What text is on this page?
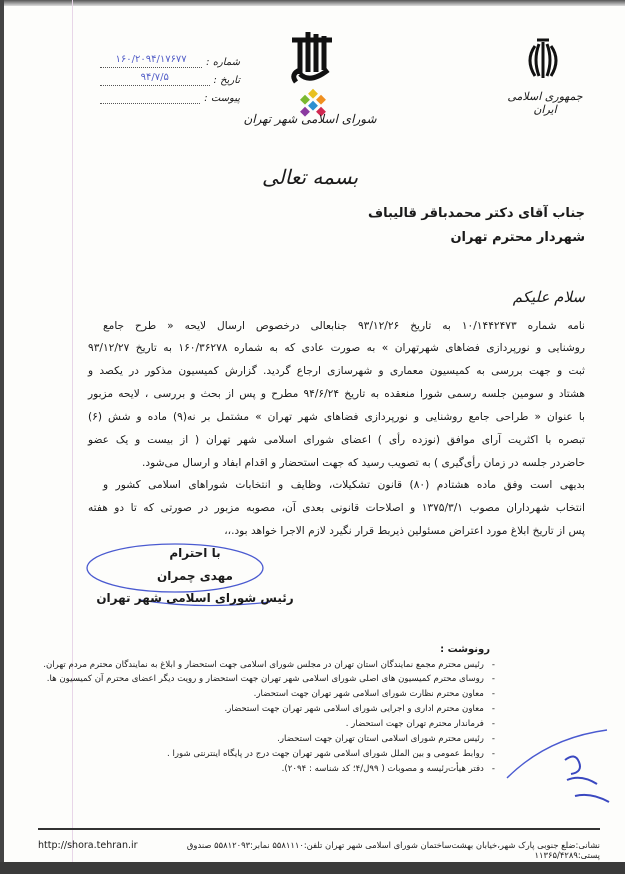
شماره :
۱۶۰/۲۰۹۴/۱۷۶۷۷
تاریخ :
۹۴/۷/۵
پیوست :
شورای اسلامی شهر تهران
جمهوری اسلامی ایران
بسمه تعالی
جناب آقای دکتر محمدباقر قالیباف
شهردار محترم تهران
سلام علیکم
نامه شماره ۱۰/۱۴۴۲۴۷۳ به تاریخ ۹۳/۱۲/۲۶ جنابعالی درخصوص ارسال لایحه « طرح جامع
روشنایی و نورپردازی فضاهای شهرتهران » به صورت عادی که به شماره ۱۶۰/۳۶۲۷۸ به تاریخ ۹۳/۱۲/۲۷
ثبت و جهت بررسی به کمیسیون معماری و شهرسازی ارجاع گردید. گزارش کمیسیون مذکور در یکصد و
هشتاد و سومین جلسه رسمی شورا منعقده به تاریخ ۹۴/۶/۲۴ مطرح و پس از بحث و بررسی ، لایحه مزبور
با عنوان « طراحی جامع روشنایی و نورپردازی فضاهای شهر تهران » مشتمل بر نه(۹) ماده و شش (۶)
تبصره با اکثریت آرای موافق (نوزده رأی ) اعضای شورای اسلامی شهر تهران ( از بیست و یک عضو
حاضردر جلسه در زمان رأی‌گیری ) به تصویب رسید که جهت استحضار و اقدام ابفاد و ارسال می‌شود.
بدیهی است وفق ماده هشتادم (۸۰) قانون تشکیلات، وظایف و انتخابات شوراهای اسلامی کشور و
انتخاب شهرداران مصوب ۱۳۷۵/۳/۱ و اصلاحات قانونی بعدی آن، مصوبه مزبور در صورتی که تا دو هفته
پس از تاریخ ابلاغ مورد اعتراض مسئولین ذیربط قرار نگیرد لازم الاجرا خواهد بود.،،
با احترام
مهدی چمران
رئیس شورای اسلامی شهر تهران
رونوشت :
-
رئیس محترم مجمع نمایندگان استان تهران در مجلس شورای اسلامی جهت استحضار و ابلاغ به نمایندگان محترم مردم تهران.
-
روسای محترم کمیسیون های اصلی شورای اسلامی شهر تهران جهت استحضار و رویت دیگر اعضای محترم آن کمیسیون ها.
-
معاون محترم نظارت شورای اسلامی شهر تهران جهت استحضار.
-
معاون محترم اداری و اجرایی شورای اسلامی شهر تهران جهت استحضار.
-
فرماندار محترم تهران جهت استحضار .
-
رئیس محترم شورای اسلامی استان تهران جهت استحضار.
-
روابط عمومی و بین الملل شورای اسلامی شهر تهران جهت درج در پایگاه اینترنتی شورا .
-
دفتر هیأت‌رئیسه و مصوبات ( ۹۹ل/۴؛ کد شناسه : ۲۰۹۴).
نشانی:ضلع جنوبی پارک شهر،خیابان بهشت‌ساختمان شورای اسلامی شهر تهران تلفن:۵۵۸۱۱۱۰ نمابر:۵۵۸۱۲۰۹۳ صندوق پستی:۱۱۳۶۵/۴۲۸۹
http://shora.tehran.ir
